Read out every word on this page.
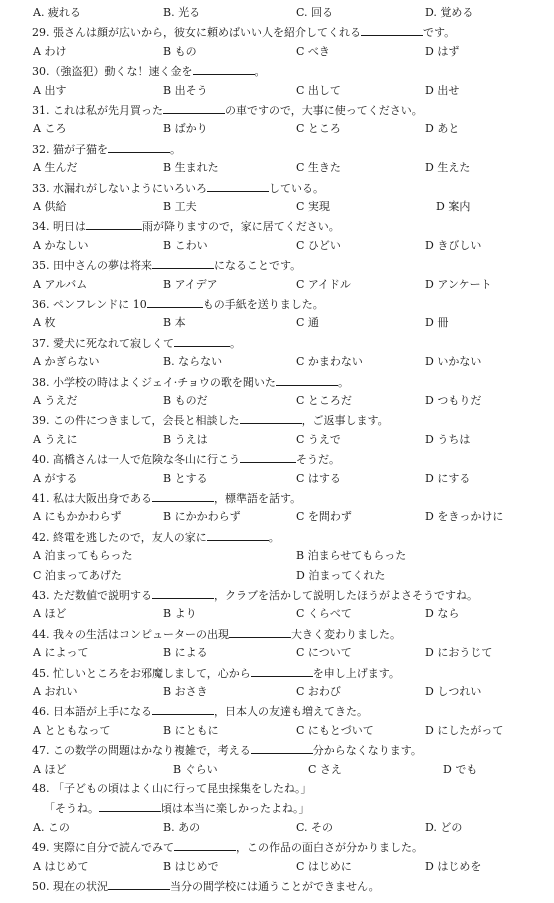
A. 疲れる	B. 光る	C. 回る	D. 覚める
29. 張さんは顔が広いから，彼女に頼めばいい人を紹介してくれる	です。
A わけ	B もの	C べき	D はず
30.（強盗犯）動くな！速く金を	。
A 出す	B 出そう	C 出して	D 出せ
31. これは私が先月買った	の車ですので，大事に使ってください。
A ころ	B ばかり	C ところ	D あと
32. 猫が子猫を	。
A 生んだ	B 生まれた	C 生きた	D 生えた
33. 水漏れがしないようにいろいろ	している。
A 供給	B 工夫	C 実現	D 案内
34. 明日は	雨が降りますので，家に居てください。
A かなしい	B こわい	C ひどい	D きびしい
35. 田中さんの夢は将来	になることです。
A アルバム	B アイデア	C アイドル	D アンケート
36. ペンフレンドに 10	もの手紙を送りました。
A 枚	B 本	C 通	D 冊
37. 愛犬に死なれて寂しくて	。
A かぎらない	B. ならない	C かまわない	D いかない
38. 小学校の時はよくジェイ·チョウの歌を聞いた	。
A うえだ	B ものだ	C ところだ	D つもりだ
39. この件につきまして，会長と相談した	，ご返事します。
A うえに	B うえは	C うえで	D うちは
40. 高橋さんは一人で危険な冬山に行こう	そうだ。
A がする	B とする	C はする	D にする
41. 私は大阪出身である	，標準語を話す。
A にもかかわらず	B にかかわらず	C を問わず	D をきっかけに
42. 終電を逃したので，友人の家に	。
A 泊まってもらった	B 泊まらせてもらった
C 泊まってあげた	D 泊まってくれた
43. ただ数値で説明する	，クラブを活かして説明したほうがよさそうですね。
A ほど	B より	C くらべて	D なら
44. 我々の生活はコンピューターの出現	大きく変わりました。
A によって	B による	C について	D におうじて
45. 忙しいところをお邪魔しまして，心から	を申し上げます。
A おれい	B おさき	C おわび	D しつれい
46. 日本語が上手になる	，日本人の友達も増えてきた。
A とともなって	B にともに	C にもとづいて	D にしたがって
47. この数学の問題はかなり複雑で，考える	分からなくなります。
A ほど	B ぐらい	C さえ	D でも
48. 「子どもの頃はよく山に行って昆虫採集をしたね。」
「そうね。	頃は本当に楽しかったよね。」
A. この	B. あの	C. その	D. どの
49. 実際に自分で読んでみて	，この作品の面白さが分かりました。
A はじめて	B はじめで	C はじめに	D はじめを
50. 現在の状況	当分の間学校には通うことができません。
